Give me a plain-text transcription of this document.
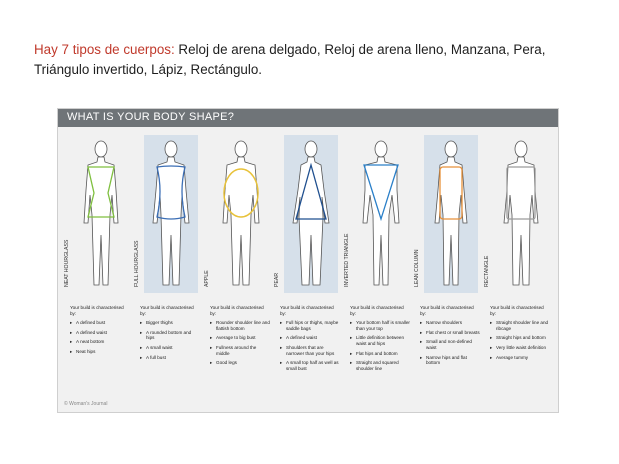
Hay 7 tipos de cuerpos: Reloj de arena delgado, Reloj de arena lleno, Manzana, Pera, Triángulo invertido, Lápiz, Rectángulo.
WHAT IS YOUR BODY SHAPE?
NEAT HOURGLASS	FULL HOURGLASS	APPLE	PEAR	INVERTED TRIANGLE	LEAN COLUMN	RECTANGLE
Your build is characterised by:
▸ A defined bust
▸ A defined waist
▸ A neat bottom
▸ Neat hips
Your build is characterised by:
▸ Bigger thighs
▸ A rounded bottom and hips
▸ A small waist
▸ A full bust
Your build is characterised by:
▸ Rounder shoulder line and flattish bottom
▸ Average to big bust
▸ Fullness around the middle
▸ Good legs
Your build is characterised by:
▸ Full hips or thighs, maybe saddle bags
▸ A defined waist
▸ Shoulders that are narrower than your hips
▸ A small top half as well as small bust
Your build is characterised by:
▸ Your bottom half is smaller than your top
▸ Little definition between waist and hips
▸ Flat hips and bottom
▸ Straight and squared shoulder line
Your build is characterised by:
▸ Narrow shoulders
▸ Flat chest or small breasts
▸ Small and non-defined waist
▸ Narrow hips and flat bottom
Your build is characterised by:
▸ Straight shoulder line and ribcage
▸ Straight hips and bottom
▸ Very little waist definition
▸ Average tummy
© Woman's Journal
